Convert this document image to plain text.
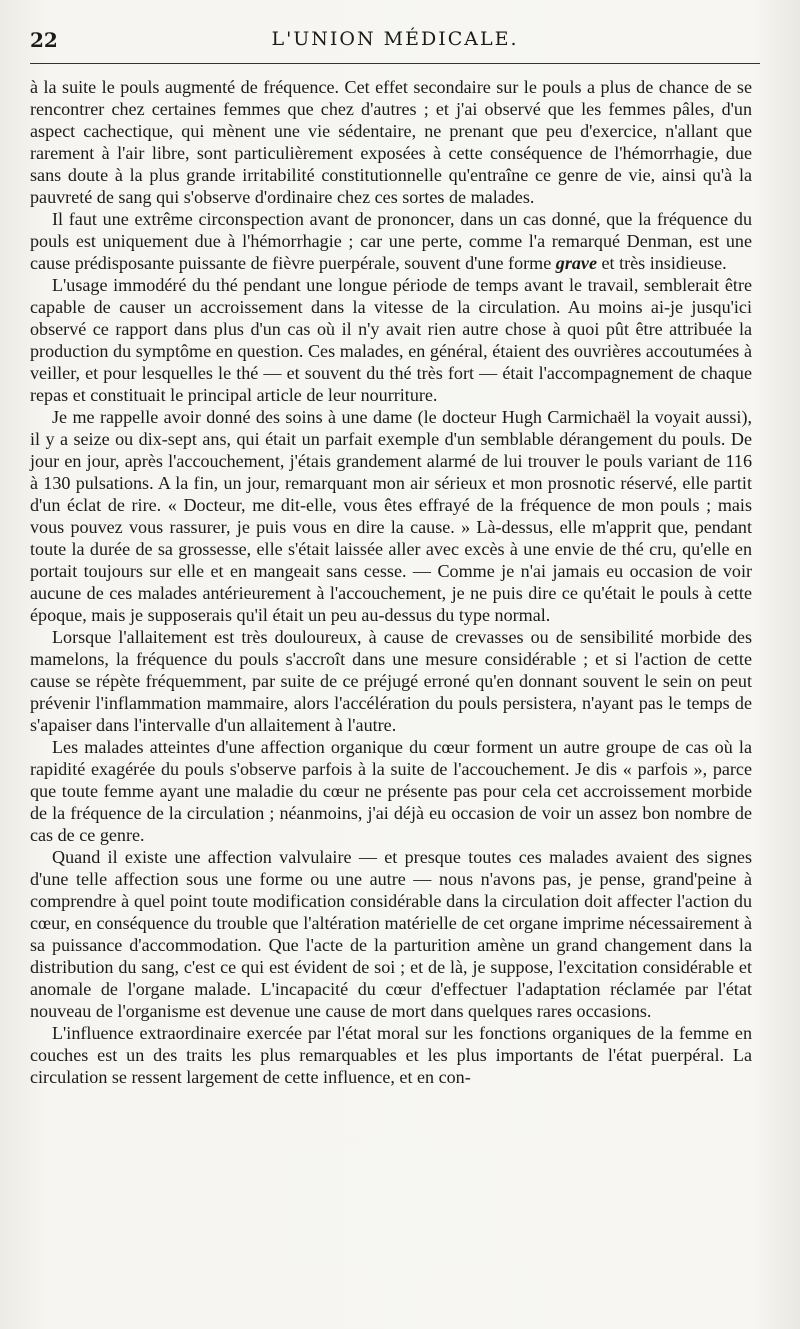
22	L'UNION MÉDICALE.

à la suite le pouls augmenté de fréquence. Cet effet secondaire sur le pouls a plus de chance de se rencontrer chez certaines femmes que chez d'autres ; et j'ai observé que les femmes pâles, d'un aspect cachectique, qui mènent une vie sédentaire, ne prenant que peu d'exercice, n'allant que rarement à l'air libre, sont particulièrement exposées à cette conséquence de l'hémorrhagie, due sans doute à la plus grande irritabilité constitutionnelle qu'entraîne ce genre de vie, ainsi qu'à la pauvreté de sang qui s'observe d'ordinaire chez ces sortes de malades.

Il faut une extrême circonspection avant de prononcer, dans un cas donné, que la fréquence du pouls est uniquement due à l'hémorrhagie ; car une perte, comme l'a remarqué Denman, est une cause prédisposante puissante de fièvre puerpérale, souvent d'une forme grave et très insidieuse.

L'usage immodéré du thé pendant une longue période de temps avant le travail, semblerait être capable de causer un accroissement dans la vitesse de la circulation. Au moins ai-je jusqu'ici observé ce rapport dans plus d'un cas où il n'y avait rien autre chose à quoi pût être attribuée la production du symptôme en question. Ces malades, en général, étaient des ouvrières accoutumées à veiller, et pour lesquelles le thé — et souvent du thé très fort — était l'accompagnement de chaque repas et constituait le principal article de leur nourriture.

Je me rappelle avoir donné des soins à une dame (le docteur Hugh Carmichaël la voyait aussi), il y a seize ou dix-sept ans, qui était un parfait exemple d'un semblable dérangement du pouls. De jour en jour, après l'accouchement, j'étais grandement alarmé de lui trouver le pouls variant de 116 à 130 pulsations. A la fin, un jour, remarquant mon air sérieux et mon prosnotic réservé, elle partit d'un éclat de rire. « Docteur, me dit-elle, vous êtes effrayé de la fréquence de mon pouls ; mais vous pouvez vous rassurer, je puis vous en dire la cause. » Là-dessus, elle m'apprit que, pendant toute la durée de sa grossesse, elle s'était laissée aller avec excès à une envie de thé cru, qu'elle en portait toujours sur elle et en mangeait sans cesse. — Comme je n'ai jamais eu occasion de voir aucune de ces malades antérieurement à l'accouchement, je ne puis dire ce qu'était le pouls à cette époque, mais je supposerais qu'il était un peu au-dessus du type normal.

Lorsque l'allaitement est très douloureux, à cause de crevasses ou de sensibilité morbide des mamelons, la fréquence du pouls s'accroît dans une mesure considérable ; et si l'action de cette cause se répète fréquemment, par suite de ce préjugé erroné qu'en donnant souvent le sein on peut prévenir l'inflammation mammaire, alors l'accélération du pouls persistera, n'ayant pas le temps de s'apaiser dans l'intervalle d'un allaitement à l'autre.

Les malades atteintes d'une affection organique du cœur forment un autre groupe de cas où la rapidité exagérée du pouls s'observe parfois à la suite de l'accouchement. Je dis « parfois », parce que toute femme ayant une maladie du cœur ne présente pas pour cela cet accroissement morbide de la fréquence de la circulation ; néanmoins, j'ai déjà eu occasion de voir un assez bon nombre de cas de ce genre.

Quand il existe une affection valvulaire — et presque toutes ces malades avaient des signes d'une telle affection sous une forme ou une autre — nous n'avons pas, je pense, grand'peine à comprendre à quel point toute modification considérable dans la circulation doit affecter l'action du cœur, en conséquence du trouble que l'altération matérielle de cet organe imprime nécessairement à sa puissance d'accommodation. Que l'acte de la parturition amène un grand changement dans la distribution du sang, c'est ce qui est évident de soi ; et de là, je suppose, l'excitation considérable et anomale de l'organe malade. L'incapacité du cœur d'effectuer l'adaptation réclamée par l'état nouveau de l'organisme est devenue une cause de mort dans quelques rares occasions.

L'influence extraordinaire exercée par l'état moral sur les fonctions organiques de la femme en couches est un des traits les plus remarquables et les plus importants de l'état puerpéral. La circulation se ressent largement de cette influence, et en con-
